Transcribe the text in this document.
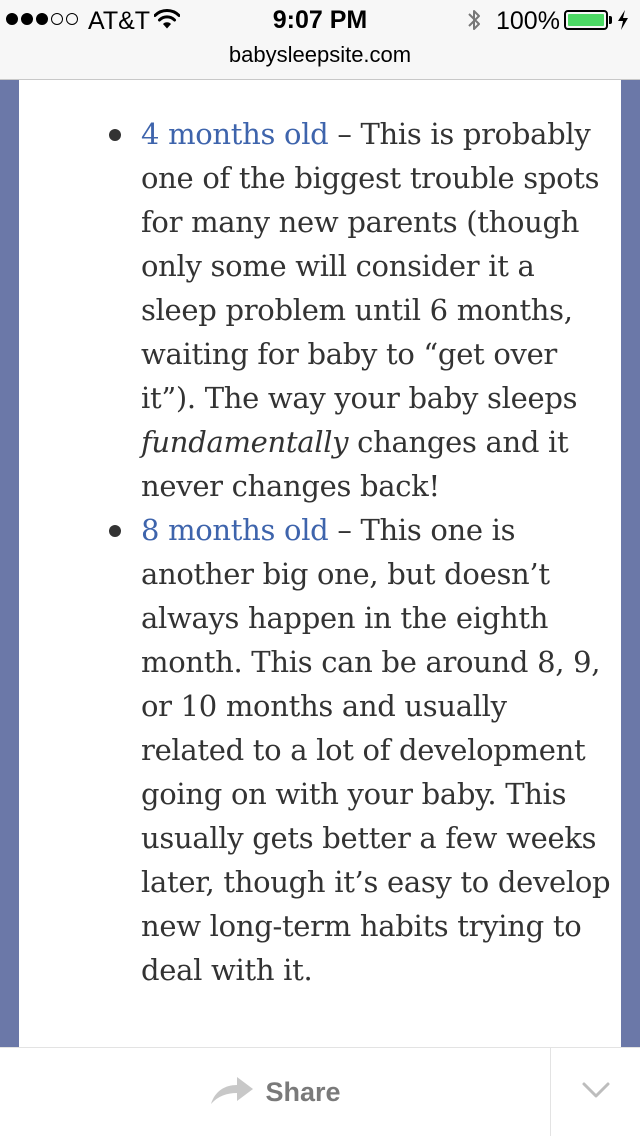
AT&T	9:07 PM	100%
babysleepsite.com
4 months old – This is probably one of the biggest trouble spots for many new parents (though only some will consider it a sleep problem until 6 months, waiting for baby to “get over it”). The way your baby sleeps fundamentally changes and it never changes back!
8 months old – This one is another big one, but doesn’t always happen in the eighth month. This can be around 8, 9, or 10 months and usually related to a lot of development going on with your baby. This usually gets better a few weeks later, though it’s easy to develop new long-term habits trying to deal with it.
Share
